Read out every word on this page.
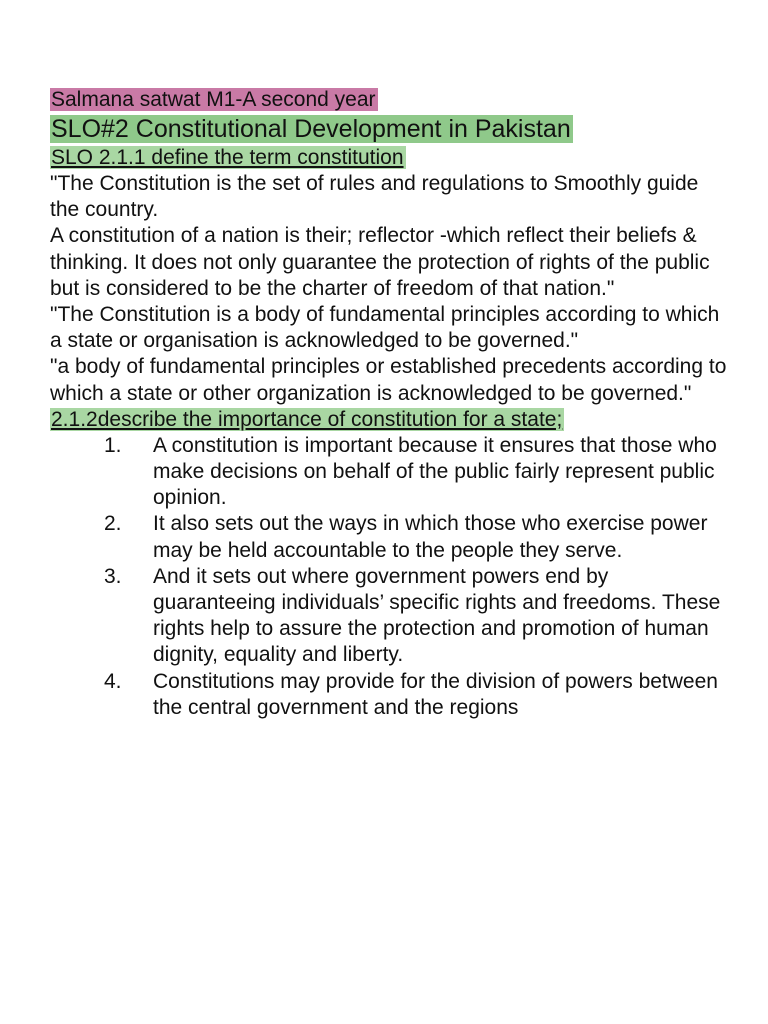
Salmana satwat M1-A second year

SLO#2 Constitutional Development in Pakistan

SLO 2.1.1 define the term constitution

"The Constitution is the set of rules and regulations to Smoothly guide the country.

A constitution of a nation is their; reflector -which reflect their beliefs & thinking. It does not only guarantee the protection of rights of the public but is considered to be the charter of freedom of that nation."

"The Constitution is a body of fundamental principles according to which a state or organisation is acknowledged to be governed."

"a body of fundamental principles or established precedents according to which a state or other organization is acknowledged to be governed."

2.1.2describe the importance of constitution for a state;

1. A constitution is important because it ensures that those who make decisions on behalf of the public fairly represent public opinion.
2. It also sets out the ways in which those who exercise power may be held accountable to the people they serve.
3. And it sets out where government powers end by guaranteeing individuals’ specific rights and freedoms. These rights help to assure the protection and promotion of human dignity, equality and liberty.
4. Constitutions may provide for the division of powers between the central government and the regions
